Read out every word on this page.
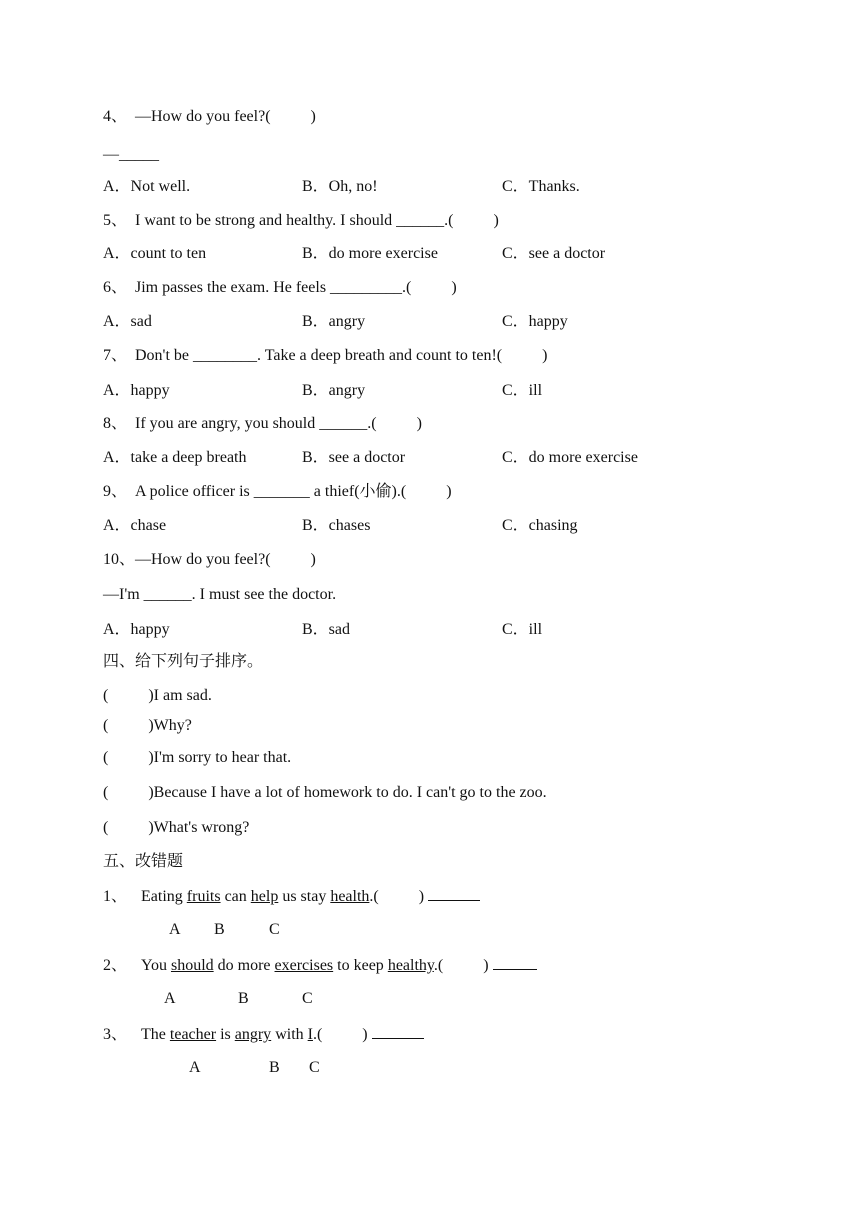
4、  —How do you feel?(          )
—_____
A．Not well.	B．Oh, no!	C．Thanks.
5、  I want to be strong and healthy. I should ______.(          )
A．count to ten	B．do more exercise	C．see a doctor
6、  Jim passes the exam. He feels _________.(          )
A．sad	B．angry	C．happy
7、  Don't be ________. Take a deep breath and count to ten!(          )
A．happy	B．angry	C．ill
8、  If you are angry, you should ______.(          )
A．take a deep breath	B．see a doctor	C．do more exercise
9、  A police officer is _______ a thief(小偷).(          )
A．chase	B．chases	C．chasing
10、—How do you feel?(          )
—I'm ______. I must see the doctor.
A．happy	B．sad	C．ill
四、给下列句子排序。
(          )I am sad.
(          )Why?
(          )I'm sorry to hear that.
(          )Because I have a lot of homework to do. I can't go to the zoo.
(          )What's wrong?
五、改错题
1、 Eating fruits can help us stay health.(          )
A B	C
2、 You should do more exercises to keep healthy.(          )
A	B	C
3、 The teacher is angry with I.(          )
A	B C
